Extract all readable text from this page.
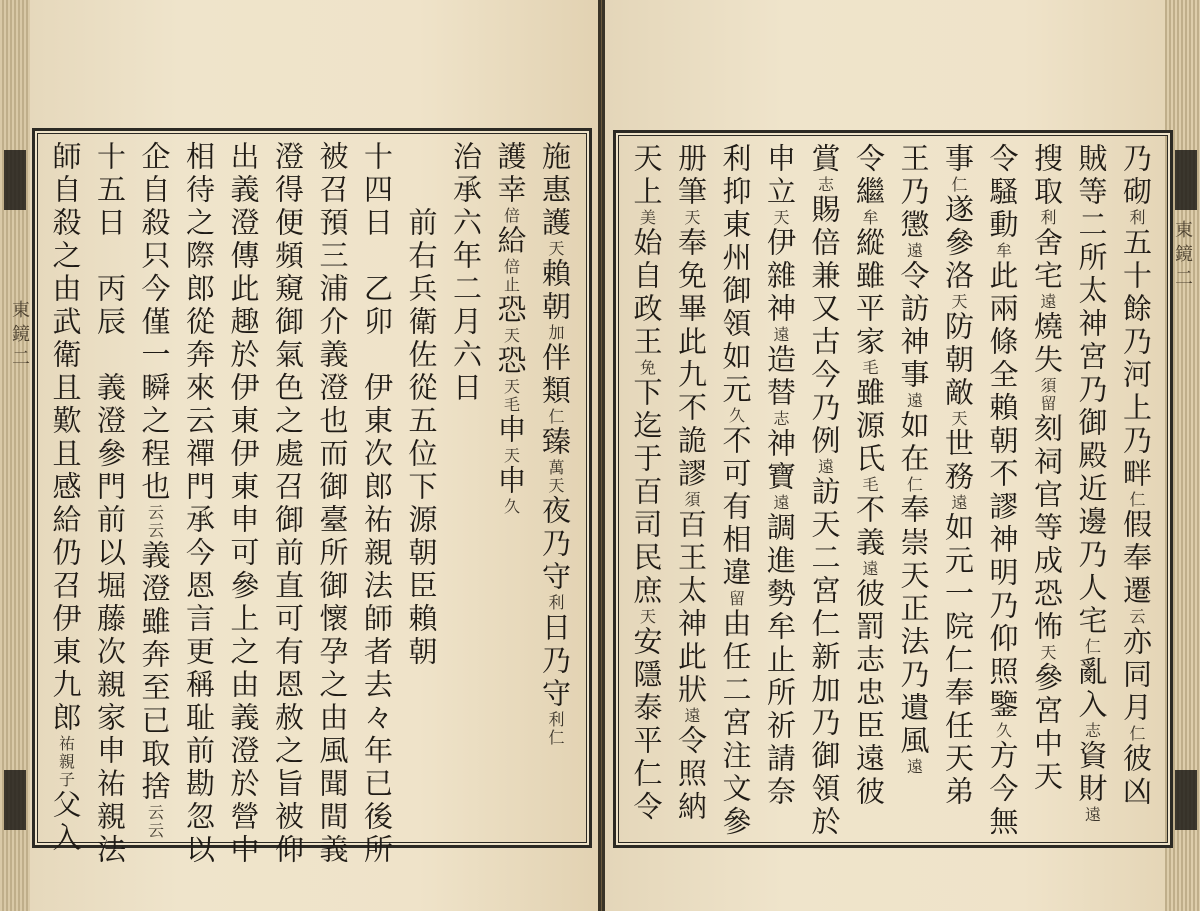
東鏡二
施惠護天賴朝加伴類仁臻萬天夜乃守利日乃守利仁
護幸倍給倍止恐天恐天毛申天申久
治承六年二月六日
　　前右兵衛佐從五位下源朝臣賴朝
十四日　乙卯　伊東次郎祐親法師者去々年已後所
被召預三浦介義澄也而御臺所御懷孕之由風聞間義
澄得便頻窺御氣色之處召御前直可有恩赦之旨被仰
出義澄傳此趣於伊東伊東申可參上之由義澄於營中
相待之際郎從奔來云禪門承今恩言更稱耻前勘忽以
企自殺只今僅一瞬之程也云云義澄雖奔至已取捨云云
十五日　丙辰　義澄參門前以堀藤次親家申祐親法
師自殺之由武衛且歎且感給仍召伊東九郎祐親子父入
東鏡二
乃砌利五十餘乃河上乃畔仁假奉遷云亦同月仁彼凶
賊等二所太神宮乃御殿近邊乃人宅仁亂入志資財遠
搜取利舍宅遠燒失須留刻祠官等成恐怖天參宮中天
令騷動牟此兩條全賴朝不謬神明乃仰照鑒久方今無
事仁遂參洛天防朝敵天世務遠如元一院仁奉任天弟
王乃懲遠令訪神事遠如在仁奉崇天正法乃遺風遠
令繼牟縱雖平家毛雖源氏毛不義遠彼罰志忠臣遠彼
賞志賜倍兼又古今乃例遠訪天二宮仁新加乃御領於
申立天伊雜神遠造替志神寶遠調進勢牟止所祈請奈
利抑東州御領如元久不可有相違留由任二宮注文參
册筆天奉免畢此九不詭謬須百王太神此狀遠令照納
天上美始自政王免下迄于百司民庶天安隱泰平仁令
